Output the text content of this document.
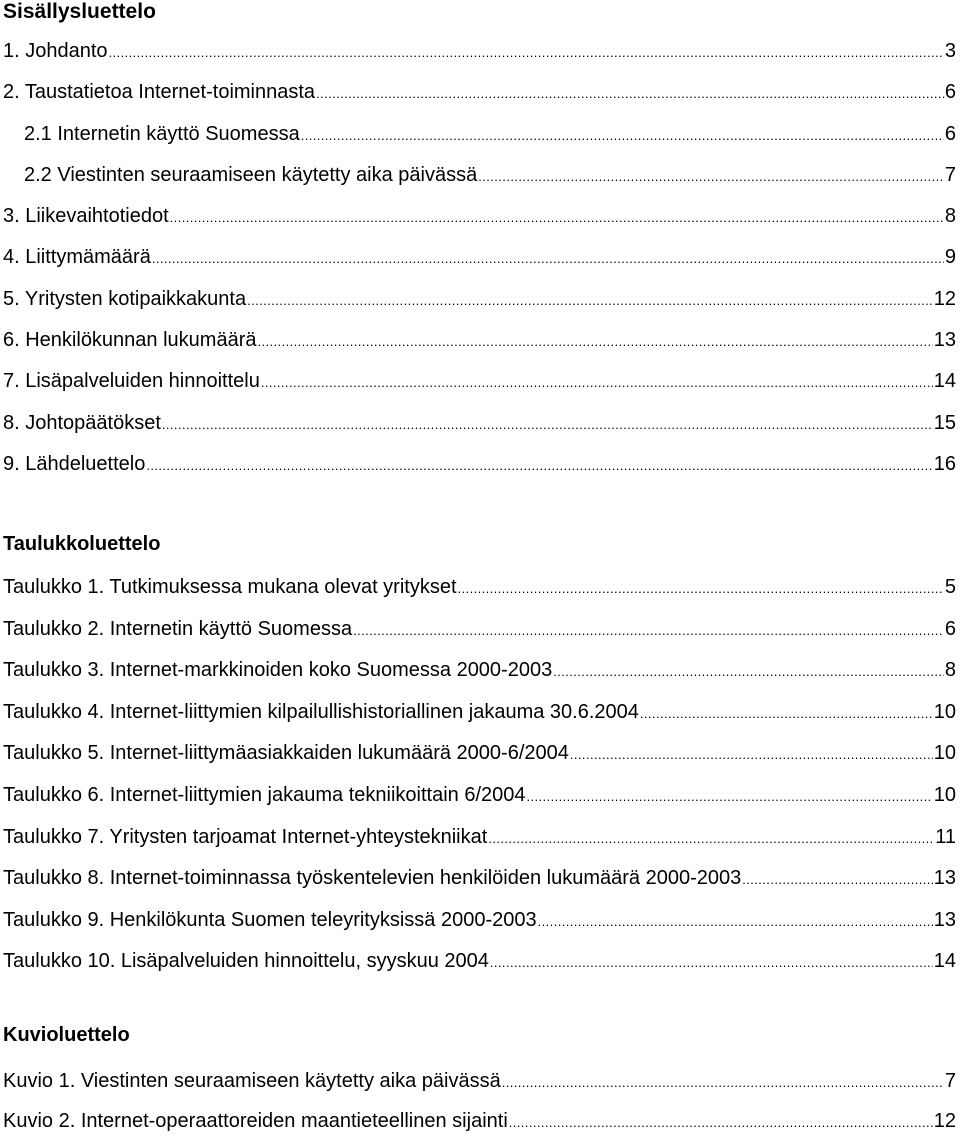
Sisällysluettelo
1. Johdanto .....	3
2. Taustatietoa Internet-toiminnasta .....	6
2.1 Internetin käyttö Suomessa .....	6
2.2 Viestinten seuraamiseen käytetty aika päivässä .....	7
3. Liikevaihtotiedot .....	8
4. Liittymämäärä .....	9
5. Yritysten kotipaikkakunta .....	12
6. Henkilökunnan lukumäärä .....	13
7. Lisäpalveluiden hinnoittelu .....	14
8. Johtopäätökset .....	15
9. Lähdeluettelo .....	16
Taulukkoluettelo
Taulukko 1. Tutkimuksessa mukana olevat yritykset .....	5
Taulukko 2. Internetin käyttö Suomessa .....	6
Taulukko 3. Internet-markkinoiden koko Suomessa 2000-2003 .....	8
Taulukko 4. Internet-liittymien kilpailullishistoriallinen jakauma 30.6.2004 .....	10
Taulukko 5. Internet-liittymäasiakkaiden lukumäärä 2000-6/2004 .....	10
Taulukko 6. Internet-liittymien jakauma tekniikoittain 6/2004 .....	10
Taulukko 7. Yritysten tarjoamat Internet-yhteystekniikat .....	11
Taulukko 8. Internet-toiminnassa työskentelevien henkilöiden lukumäärä 2000-2003 .....	13
Taulukko 9. Henkilökunta Suomen teleyrityksissä 2000-2003 .....	13
Taulukko 10. Lisäpalveluiden hinnoittelu, syyskuu 2004 .....	14
Kuvioluettelo
Kuvio 1. Viestinten seuraamiseen käytetty aika päivässä .....	7
Kuvio 2. Internet-operaattoreiden maantieteellinen sijainti .....	12
